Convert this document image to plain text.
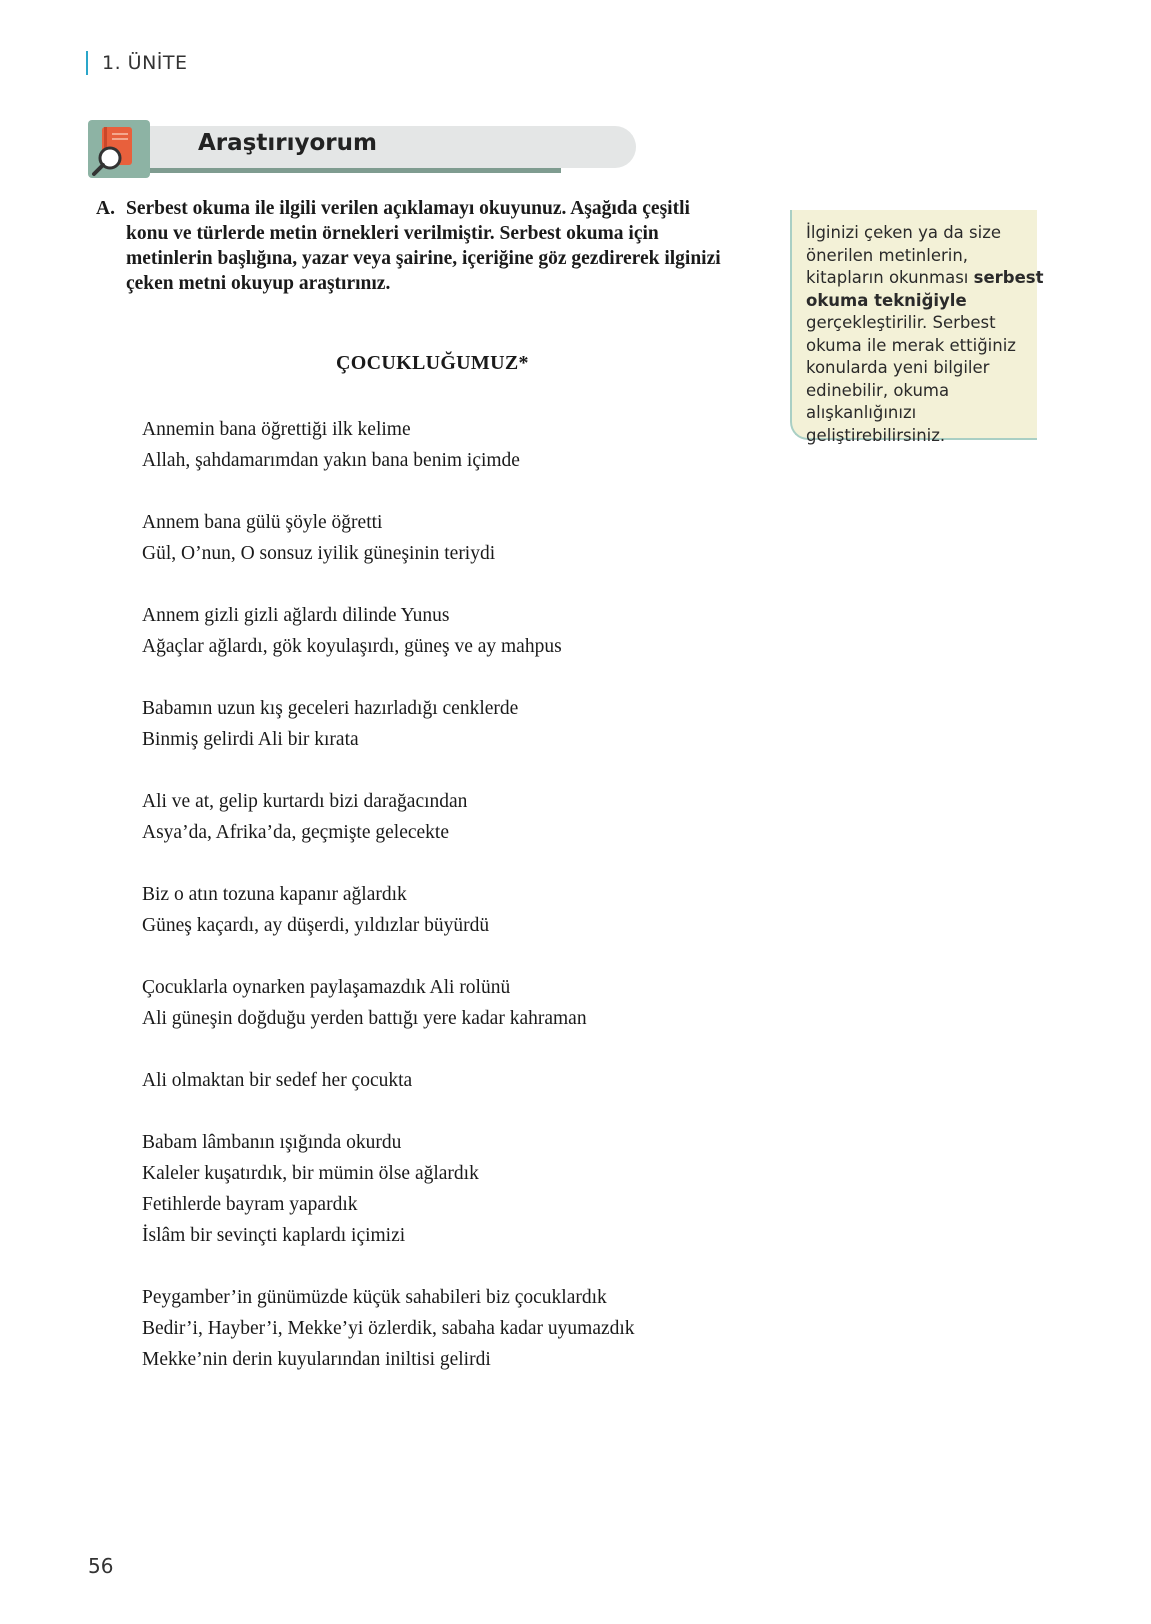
1. ÜNİTE
Araştırıyorum
A. Serbest okuma ile ilgili verilen açıklamayı okuyunuz. Aşağıda çeşitli konu ve türlerde metin örnekleri verilmiştir. Serbest okuma için metinlerin başlığına, yazar veya şairine, içeriğine göz gezdirerek ilginizi çeken metni okuyup araştırınız.
İlginizi çeken ya da size önerilen metinlerin, kitapların okunması serbest okuma tekniğiyle gerçekleştirilir. Serbest okuma ile merak ettiğiniz konularda yeni bilgiler edinebilir, okuma alışkanlığınızı geliştirebilirsiniz.
ÇOCUKLUĞUMUZ*
Annemin bana öğrettiği ilk kelime
Allah, şahdamarımdan yakın bana benim içimde
Annem bana gülü şöyle öğretti
Gül, O’nun, O sonsuz iyilik güneşinin teriydi
Annem gizli gizli ağlardı dilinde Yunus
Ağaçlar ağlardı, gök koyulaşırdı, güneş ve ay mahpus
Babamın uzun kış geceleri hazırladığı cenklerde
Binmiş gelirdi Ali bir kırata
Ali ve at, gelip kurtardı bizi darağacından
Asya’da, Afrika’da, geçmişte gelecekte
Biz o atın tozuna kapanır ağlardık
Güneş kaçardı, ay düşerdi, yıldızlar büyürdü
Çocuklarla oynarken paylaşamazdık Ali rolünü
Ali güneşin doğduğu yerden battığı yere kadar kahraman
Ali olmaktan bir sedef her çocukta
Babam lâmbanın ışığında okurdu
Kaleler kuşatırdık, bir mümin ölse ağlardık
Fetihlerde bayram yapardık
İslâm bir sevinçti kaplardı içimizi
Peygamber’in günümüzde küçük sahabileri biz çocuklardık
Bedir’i, Hayber’i, Mekke’yi özlerdik, sabaha kadar uyumazdık
Mekke’nin derin kuyularından iniltisi gelirdi
56
